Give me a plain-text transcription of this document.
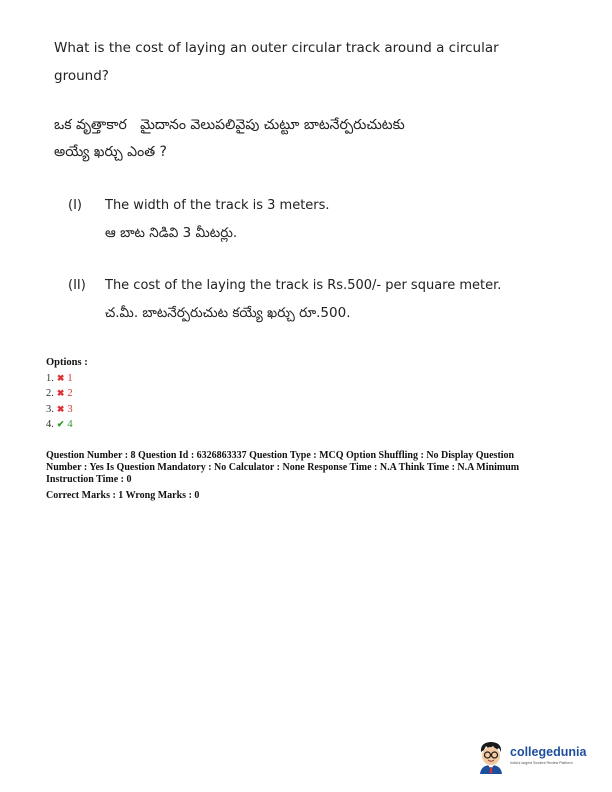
What is the cost of laying an outer circular track around a circular
ground?
ఒక వృత్తాకార   మైదానం వెలుపలివైపు చుట్టూ బాటనేర్పరుచుటకు
అయ్యే ఖర్చు ఎంత ?
(I)	The width of the track is 3 meters.
ఆ బాట నిడివి 3 మీటర్లు.
(II)	The cost of the laying the track is Rs.500/- per square meter.
చ.మీ. బాటనేర్పరుచుట కయ్యే ఖర్చు రూ.500.
Options :
1. ✖ 1
2. ✖ 2
3. ✖ 3
4. ✔ 4

Question Number : 8 Question Id : 6326863337 Question Type : MCQ Option Shuffling : No Display Question

Number : Yes Is Question Mandatory : No Calculator : None Response Time : N.A Think Time : N.A Minimum

Instruction Time : 0

Correct Marks : 1 Wrong Marks : 0

collegedunia
India's largest Student Review Platform
